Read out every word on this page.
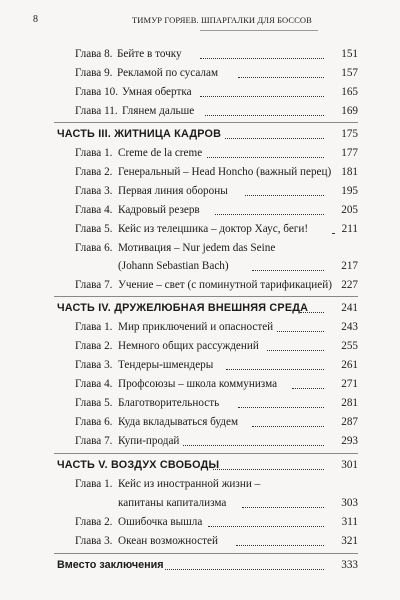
8	ТИМУР ГОРЯЕВ. ШПАРГАЛКИ ДЛЯ БОССОВ
Глава 8. Бейте в точку	151
Глава 9. Рекламой по сусалам	157
Глава 10. Умная обертка	165
Глава 11. Глянем дальше	169
ЧАСТЬ III. ЖИТНИЦА КАДРОВ	175
Глава 1. Creme de la creme	177
Глава 2. Генеральный – Head Honcho (важный перец) 181
Глава 3. Первая линия обороны	195
Глава 4. Кадровый резерв	205
Глава 5. Кейс из телецшика – доктор Хаус, беги!	211
Глава 6. Мотивация – Nur jedem das Seine
(Johann Sebastian Bach)	217
Глава 7. Учение – свет (с поминутной тарификацией) 227
ЧАСТЬ IV. ДРУЖЕЛЮБНАЯ ВНЕШНЯЯ СРЕДА	241
Глава 1. Мир приключений и опасностей	243
Глава 2. Немного общих рассуждений	255
Глава 3. Тендеры-шмендеры	261
Глава 4. Профсоюзы – школа коммунизма	271
Глава 5. Благотворительность	281
Глава 6. Куда вкладываться будем	287
Глава 7. Купи-продай	293
ЧАСТЬ V. ВОЗДУХ СВОБОДЫ	301
Глава 1. Кейс из иностранной жизни –
капитаны капитализма	303
Глава 2. Ошибочка вышла	311
Глава 3. Океан возможностей	321
Вместо заключения	333
